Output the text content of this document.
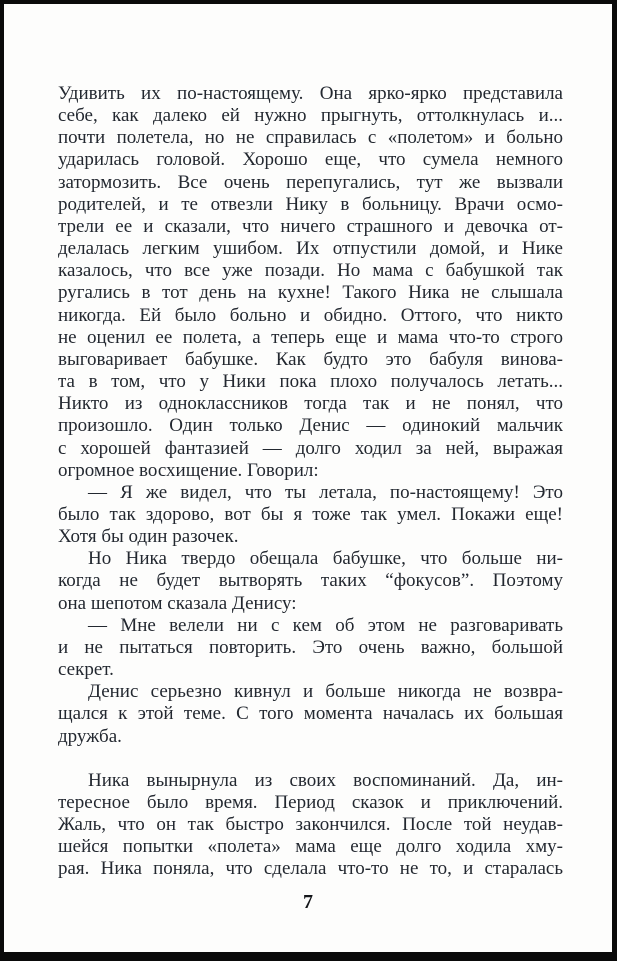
Удивить их по-настоящему. Она ярко-ярко представила
себе, как далеко ей нужно прыгнуть, оттолкнулась и...
почти полетела, но не справилась с «полетом» и больно
ударилась головой. Хорошо еще, что сумела немного
затормозить. Все очень перепугались, тут же вызвали
родителей, и те отвезли Нику в больницу. Врачи осмо-
трели ее и сказали, что ничего страшного и девочка от-
делалась легким ушибом. Их отпустили домой, и Нике
казалось, что все уже позади. Но мама с бабушкой так
ругались в тот день на кухне! Такого Ника не слышала
никогда. Ей было больно и обидно. Оттого, что никто
не оценил ее полета, а теперь еще и мама что-то строго
выговаривает бабушке. Как будто это бабуля винова-
та в том, что у Ники пока плохо получалось летать...
Никто из одноклассников тогда так и не понял, что
произошло. Один только Денис — одинокий мальчик
с хорошей фантазией — долго ходил за ней, выражая
огромное восхищение. Говорил:
— Я же видел, что ты летала, по-настоящему! Это
было так здорово, вот бы я тоже так умел. Покажи еще!
Хотя бы один разочек.
Но Ника твердо обещала бабушке, что больше ни-
когда не будет вытворять таких “фокусов”. Поэтому
она шепотом сказала Денису:
— Мне велели ни с кем об этом не разговаривать
и не пытаться повторить. Это очень важно, большой
секрет.
Денис серьезно кивнул и больше никогда не возвра-
щался к этой теме. С того момента началась их большая
дружба.
Ника вынырнула из своих воспоминаний. Да, ин-
тересное было время. Период сказок и приключений.
Жаль, что он так быстро закончился. После той неудав-
шейся попытки «полета» мама еще долго ходила хму-
рая. Ника поняла, что сделала что-то не то, и старалась
7
